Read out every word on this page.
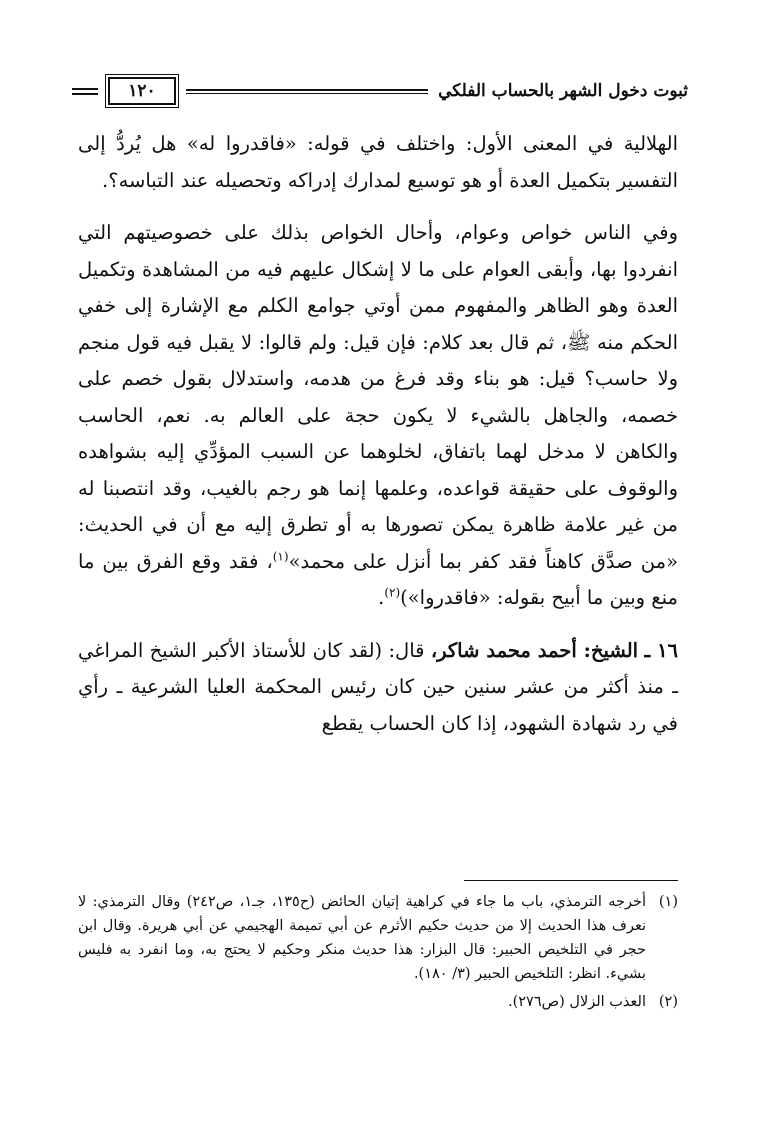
ثبوت دخول الشهر بالحساب الفلكي
١٢٠

الهلالية في المعنى الأول: واختلف في قوله: «فاقدروا له» هل يُردُّ إلى التفسير بتكميل العدة أو هو توسيع لمدارك إدراكه وتحصيله عند التباسه؟.

وفي الناس خواص وعوام، وأحال الخواص بذلك على خصوصيتهم التي انفردوا بها، وأبقى العوام على ما لا إشكال عليهم فيه من المشاهدة وتكميل العدة وهو الظاهر والمفهوم ممن أوتي جوامع الكلم مع الإشارة إلى خفي الحكم منه ﷺ، ثم قال بعد كلام: فإن قيل: ولم قالوا: لا يقبل فيه قول منجم ولا حاسب؟ قيل: هو بناء وقد فرغ من هدمه، واستدلال بقول خصم على خصمه، والجاهل بالشيء لا يكون حجة على العالم به. نعم، الحاسب والكاهن لا مدخل لهما باتفاق، لخلوهما عن السبب المؤدِّي إليه بشواهده والوقوف على حقيقة قواعده، وعلمها إنما هو رجم بالغيب، وقد انتصبنا له من غير علامة ظاهرة يمكن تصورها به أو تطرق إليه مع أن في الحديث: «من صدَّق كاهناً فقد كفر بما أنزل على محمد»$^{(١)}$، فقد وقع الفرق بين ما منع وبين ما أبيح بقوله: «فاقدروا»)$^{(٢)}$.

١٦ ـ الشيخ: أحمد محمد شاكر، قال: (لقد كان للأستاذ الأكبر الشيخ المراغي ـ منذ أكثر من عشر سنين حين كان رئيس المحكمة العليا الشرعية ـ رأي في رد شهادة الشهود، إذا كان الحساب يقطع

(١)
أخرجه الترمذي، باب ما جاء في كراهية إتيان الحائض (ح١٣٥، جـ١، ص٢٤٢) وقال الترمذي: لا نعرف هذا الحديث إلا من حديث حكيم الأثرم عن أبي تميمة الهجيمي عن أبي هريرة. وقال ابن حجر في التلخيص الحبير: قال البزار: هذا حديث منكر وحكيم لا يحتج به، وما انفرد به فليس بشيء. انظر: التلخيص الحبير (٣/ ١٨٠).
(٢)
العذب الزلال (ص٢٧٦).
